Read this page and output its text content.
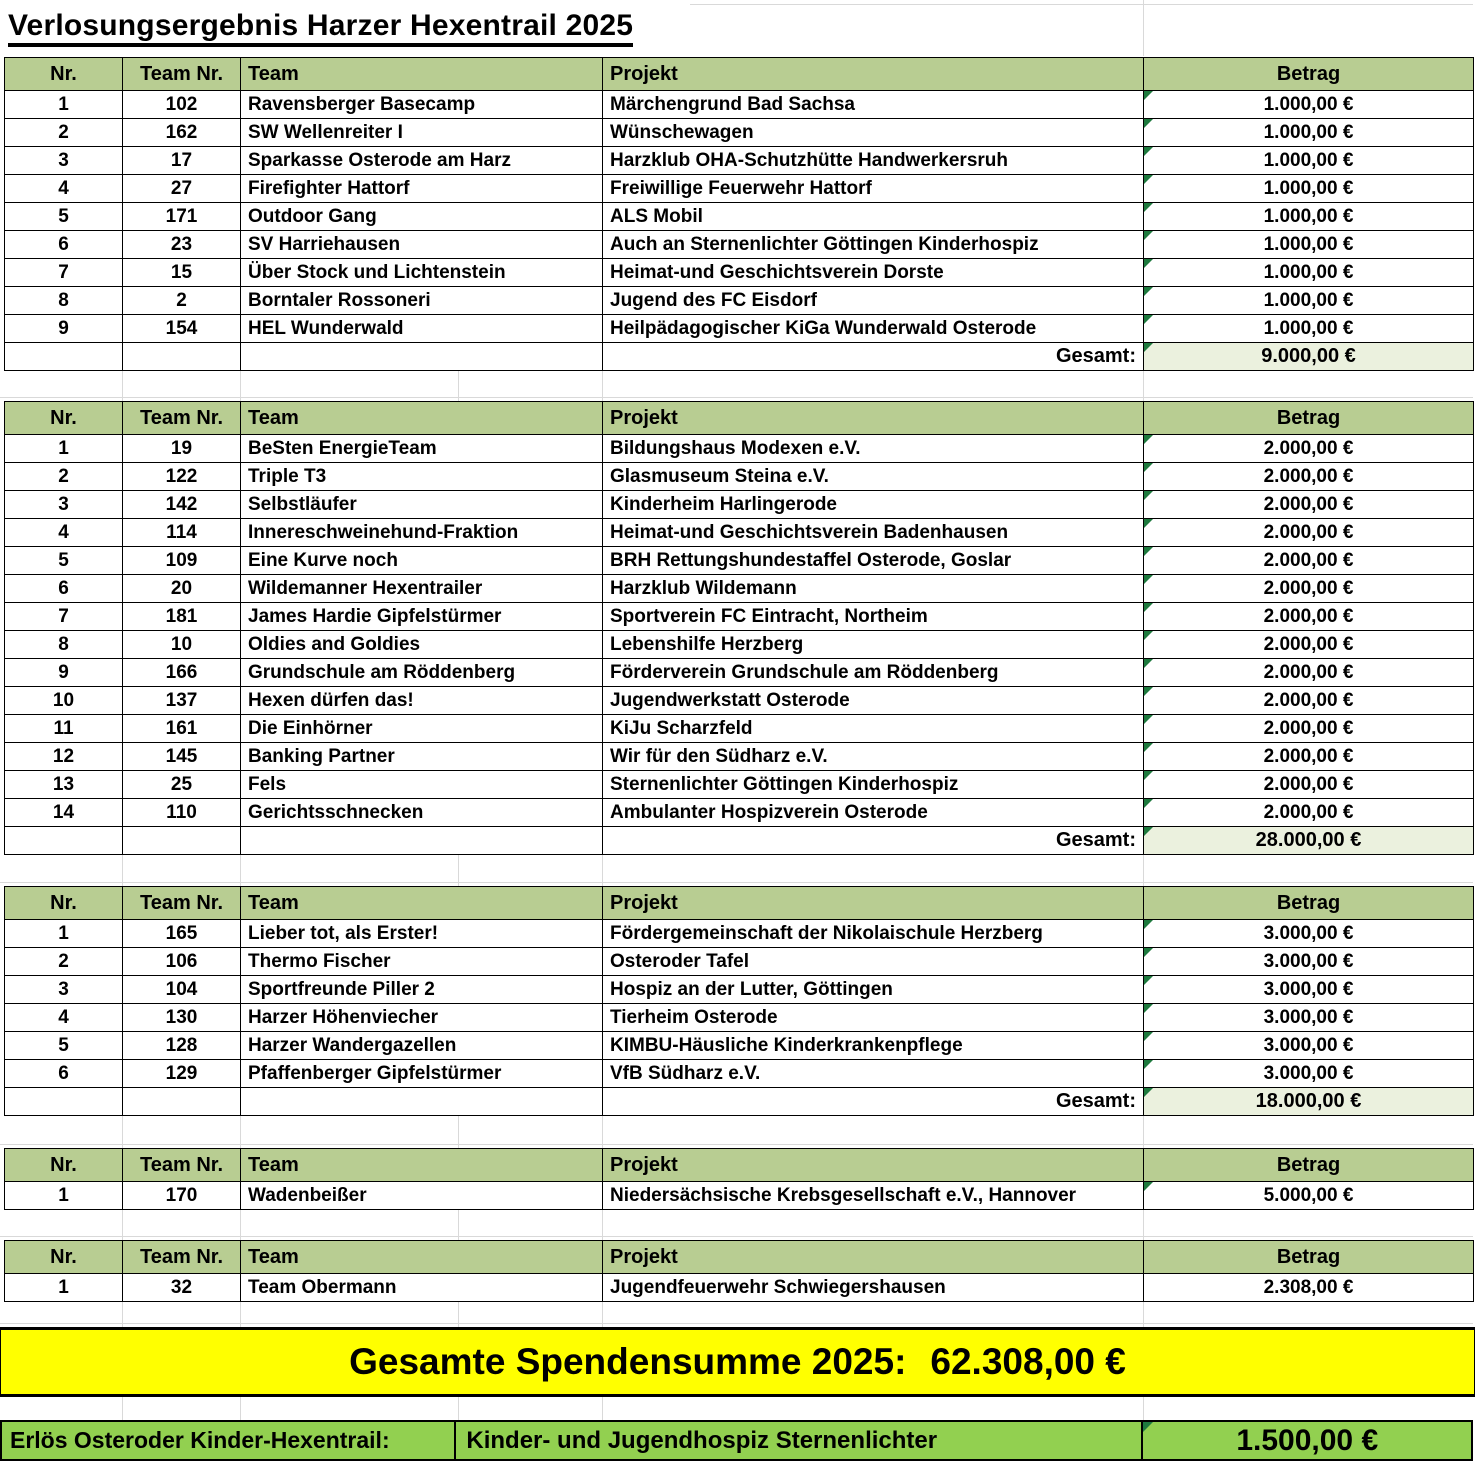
Verlosungsergebnis Harzer Hexentrail 2025
Nr.	Team Nr.	Team	Projekt	Betrag
1	102	Ravensberger Basecamp	Märchengrund Bad Sachsa	1.000,00 €
2	162	SW Wellenreiter I	Wünschewagen	1.000,00 €
3	17	Sparkasse Osterode am Harz	Harzklub OHA-Schutzhütte Handwerkersruh	1.000,00 €
4	27	Firefighter Hattorf	Freiwillige Feuerwehr Hattorf	1.000,00 €
5	171	Outdoor Gang	ALS Mobil	1.000,00 €
6	23	SV Harriehausen	Auch an Sternenlichter Göttingen Kinderhospiz	1.000,00 €
7	15	Über Stock und Lichtenstein	Heimat-und Geschichtsverein Dorste	1.000,00 €
8	2	Borntaler Rossoneri	Jugend des FC Eisdorf	1.000,00 €
9	154	HEL Wunderwald	Heilpädagogischer KiGa Wunderwald Osterode	1.000,00 €
			Gesamt:	9.000,00 €
Nr.	Team Nr.	Team	Projekt	Betrag
1	19	BeSten EnergieTeam	Bildungshaus Modexen e.V.	2.000,00 €
2	122	Triple T3	Glasmuseum Steina e.V.	2.000,00 €
3	142	Selbstläufer	Kinderheim Harlingerode	2.000,00 €
4	114	Innereschweinehund-Fraktion	Heimat-und Geschichtsverein Badenhausen	2.000,00 €
5	109	Eine Kurve noch	BRH Rettungshundestaffel Osterode, Goslar	2.000,00 €
6	20	Wildemanner Hexentrailer	Harzklub Wildemann	2.000,00 €
7	181	James Hardie Gipfelstürmer	Sportverein FC Eintracht, Northeim	2.000,00 €
8	10	Oldies and Goldies	Lebenshilfe Herzberg	2.000,00 €
9	166	Grundschule am Röddenberg	Förderverein Grundschule am Röddenberg	2.000,00 €
10	137	Hexen dürfen das!	Jugendwerkstatt Osterode	2.000,00 €
11	161	Die Einhörner	KiJu Scharzfeld	2.000,00 €
12	145	Banking Partner	Wir für den Südharz e.V.	2.000,00 €
13	25	Fels	Sternenlichter Göttingen Kinderhospiz	2.000,00 €
14	110	Gerichtsschnecken	Ambulanter Hospizverein Osterode	2.000,00 €
			Gesamt:	28.000,00 €
Nr.	Team Nr.	Team	Projekt	Betrag
1	165	Lieber tot, als Erster!	Fördergemeinschaft der Nikolaischule Herzberg	3.000,00 €
2	106	Thermo Fischer	Osteroder Tafel	3.000,00 €
3	104	Sportfreunde Piller 2	Hospiz an der Lutter, Göttingen	3.000,00 €
4	130	Harzer Höhenviecher	Tierheim Osterode	3.000,00 €
5	128	Harzer Wandergazellen	KIMBU-Häusliche Kinderkrankenpflege	3.000,00 €
6	129	Pfaffenberger Gipfelstürmer	VfB Südharz e.V.	3.000,00 €
			Gesamt:	18.000,00 €
Nr.	Team Nr.	Team	Projekt	Betrag
1	170	Wadenbeißer	Niedersächsische Krebsgesellschaft e.V., Hannover	5.000,00 €
Nr.	Team Nr.	Team	Projekt	Betrag
1	32	Team Obermann	Jugendfeuerwehr Schwiegershausen	2.308,00 €
Gesamte Spendensumme 2025: 62.308,00 €
Erlös Osteroder Kinder-Hexentrail:	Kinder- und Jugendhospiz Sternenlichter	1.500,00 €
